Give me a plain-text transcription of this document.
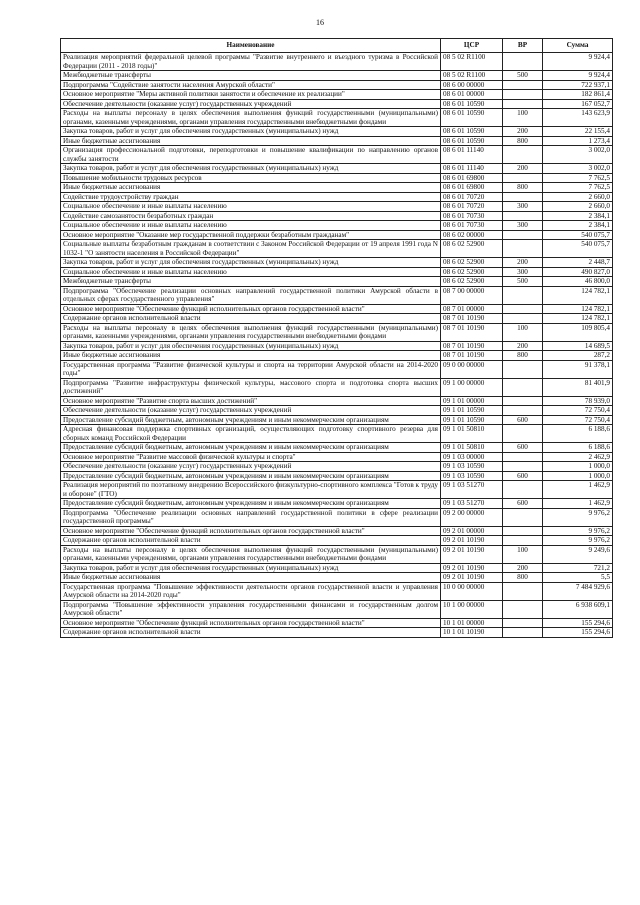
16
Наименование	ЦСР	ВР	Сумма
Реализация мероприятий федеральной целевой программы "Развитие внутреннего и въездного туризма в Российской Федерации (2011 - 2018 годы)"	08 5 02 R1100		9 924,4
Межбюджетные трансферты	08 5 02 R1100	500	9 924,4
Подпрограмма "Содействие занятости населения Амурской области"	08 6 00 00000		722 937,1
Основное мероприятие "Меры активной политики занятости и обеспечение их реализации"	08 6 01 00000		182 861,4
Обеспечение деятельности (оказание услуг) государственных учреждений	08 6 01 10590		167 052,7
Расходы на выплаты персоналу в целях обеспечения выполнения функций государственными (муниципальными) органами, казенными учреждениями, органами управления государственными внебюджетными фондами	08 6 01 10590	100	143 623,9
Закупка товаров, работ и услуг для обеспечения государственных (муниципальных) нужд	08 6 01 10590	200	22 155,4
Иные бюджетные ассигнования	08 6 01 10590	800	1 273,4
Организация профессиональной подготовки, переподготовки и повышение квалификации по направлению органов службы занятости	08 6 01 11140		3 002,0
Закупка товаров, работ и услуг для обеспечения государственных (муниципальных) нужд	08 6 01 11140	200	3 002,0
Повышение мобильности трудовых ресурсов	08 6 01 69800		7 762,5
Иные бюджетные ассигнования	08 6 01 69800	800	7 762,5
Содействие трудоустройству граждан	08 6 01 70720		2 660,0
Социальное обеспечение и иные выплаты населению	08 6 01 70720	300	2 660,0
Содействие самозанятости безработных граждан	08 6 01 70730		2 384,1
Социальное обеспечение и иные выплаты населению	08 6 01 70730	300	2 384,1
Основное мероприятие "Оказание мер государственной поддержки безработным гражданам"	08 6 02 00000		540 075,7
Социальные выплаты безработным гражданам в соответствии с Законом Российской Федерации от 19 апреля 1991 года N 1032-1 "О занятости населения в Российской Федерации"	08 6 02 52900		540 075,7
Закупка товаров, работ и услуг для обеспечения государственных (муниципальных) нужд	08 6 02 52900	200	2 448,7
Социальное обеспечение и иные выплаты населению	08 6 02 52900	300	490 827,0
Межбюджетные трансферты	08 6 02 52900	500	46 800,0
Подпрограмма "Обеспечение реализации основных направлений государственной политики Амурской области в отдельных сферах государственного управления"	08 7 00 00000		124 782,1
Основное мероприятие "Обеспечение функций исполнительных органов государственной власти"	08 7 01 00000		124 782,1
Содержание органов исполнительной власти	08 7 01 10190		124 782,1
Расходы на выплаты персоналу в целях обеспечения выполнения функций государственными (муниципальными) органами, казенными учреждениями, органами управления государственными внебюджетными фондами	08 7 01 10190	100	109 805,4
Закупка товаров, работ и услуг для обеспечения государственных (муниципальных) нужд	08 7 01 10190	200	14 689,5
Иные бюджетные ассигнования	08 7 01 10190	800	287,2
Государственная программа "Развитие физической культуры и спорта на территории Амурской области на 2014-2020 годы"	09 0 00 00000		91 378,1
Подпрограмма "Развитие инфраструктуры физической культуры, массового спорта и подготовка спорта высших достижений"	09 1 00 00000		81 401,9
Основное мероприятие "Развитие спорта высших достижений"	09 1 01 00000		78 939,0
Обеспечение деятельности (оказание услуг) государственных учреждений	09 1 01 10590		72 750,4
Предоставление субсидий бюджетным, автономным учреждениям и иным некоммерческим организациям	09 1 01 10590	600	72 750,4
Адресная финансовая поддержка спортивных организаций, осуществляющих подготовку спортивного резерва для сборных команд Российской Федерации	09 1 01 50810		6 188,6
Предоставление субсидий бюджетным, автономным учреждениям и иным некоммерческим организациям	09 1 01 50810	600	6 188,6
Основное мероприятие "Развитие массовой физической культуры и спорта"	09 1 03 00000		2 462,9
Обеспечение деятельности (оказание услуг) государственных учреждений	09 1 03 10590		1 000,0
Предоставление субсидий бюджетным, автономным учреждениям и иным некоммерческим организациям	09 1 03 10590	600	1 000,0
Реализация мероприятий по поэтапному внедрению Всероссийского физкультурно-спортивного комплекса "Готов к труду и обороне" (ГТО)	09 1 03 51270		1 462,9
Предоставление субсидий бюджетным, автономным учреждениям и иным некоммерческим организациям	09 1 03 51270	600	1 462,9
Подпрограмма "Обеспечение реализации основных направлений государственной политики в сфере реализации государственной программы"	09 2 00 00000		9 976,2
Основное мероприятие "Обеспечение функций исполнительных органов государственной власти"	09 2 01 00000		9 976,2
Содержание органов исполнительной власти	09 2 01 10190		9 976,2
Расходы на выплаты персоналу в целях обеспечения выполнения функций государственными (муниципальными) органами, казенными учреждениями, органами управления государственными внебюджетными фондами	09 2 01 10190	100	9 249,6
Закупка товаров, работ и услуг для обеспечения государственных (муниципальных) нужд	09 2 01 10190	200	721,2
Иные бюджетные ассигнования	09 2 01 10190	800	5,5
Государственная программа "Повышение эффективности деятельности органов государственной власти и управления Амурской области на 2014-2020 годы"	10 0 00 00000		7 484 929,6
Подпрограмма "Повышение эффективности управления государственными финансами и государственным долгом Амурской области"	10 1 00 00000		6 938 609,1
Основное мероприятие "Обеспечение функций исполнительных органов государственной власти"	10 1 01 00000		155 294,6
Содержание органов исполнительной власти	10 1 01 10190		155 294,6
